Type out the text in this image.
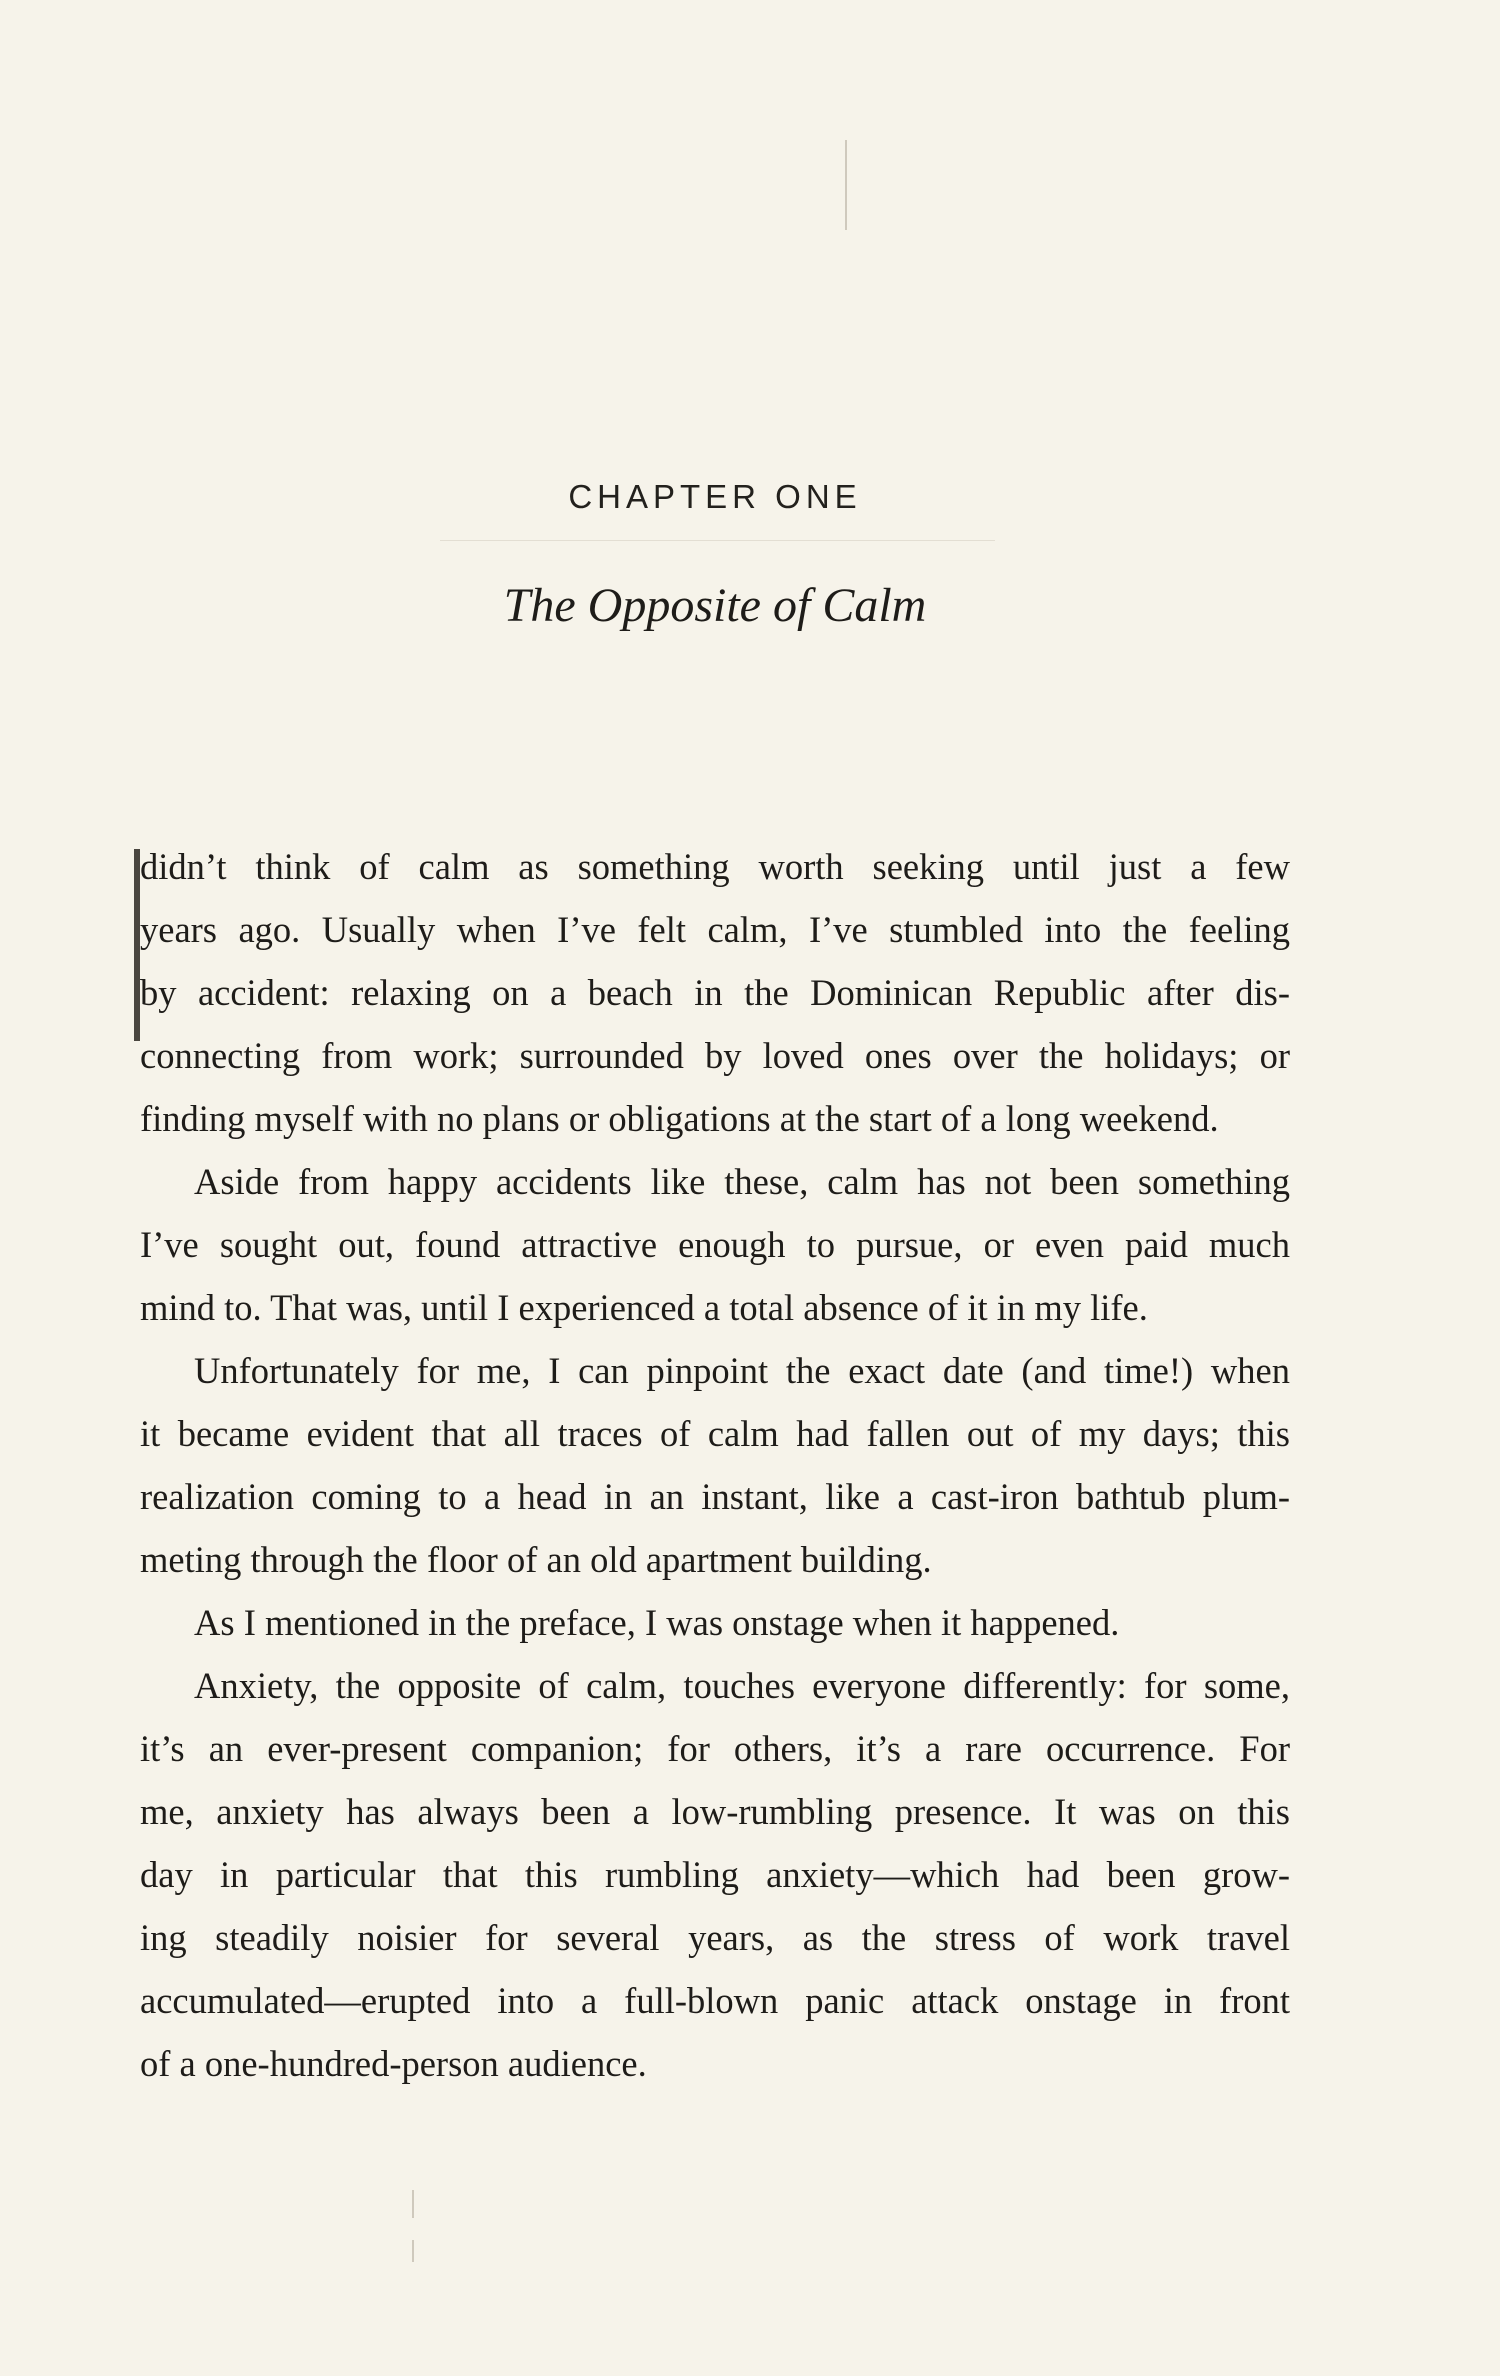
CHAPTER ONE
The Opposite of Calm
didn’t think of calm as something worth seeking until just a few
years ago. Usually when I’ve felt calm, I’ve stumbled into the feeling
by accident: relaxing on a beach in the Dominican Republic after dis-
connecting from work; surrounded by loved ones over the holidays; or
finding myself with no plans or obligations at the start of a long weekend.
Aside from happy accidents like these, calm has not been something
I’ve sought out, found attractive enough to pursue, or even paid much
mind to. That was, until I experienced a total absence of it in my life.
Unfortunately for me, I can pinpoint the exact date (and time!) when
it became evident that all traces of calm had fallen out of my days; this
realization coming to a head in an instant, like a cast-iron bathtub plum-
meting through the floor of an old apartment building.
As I mentioned in the preface, I was onstage when it happened.
Anxiety, the opposite of calm, touches everyone differently: for some,
it’s an ever-present companion; for others, it’s a rare occurrence. For
me, anxiety has always been a low-rumbling presence. It was on this
day in particular that this rumbling anxiety—which had been grow-
ing steadily noisier for several years, as the stress of work travel
accumulated—erupted into a full-blown panic attack onstage in front
of a one-hundred-person audience.
